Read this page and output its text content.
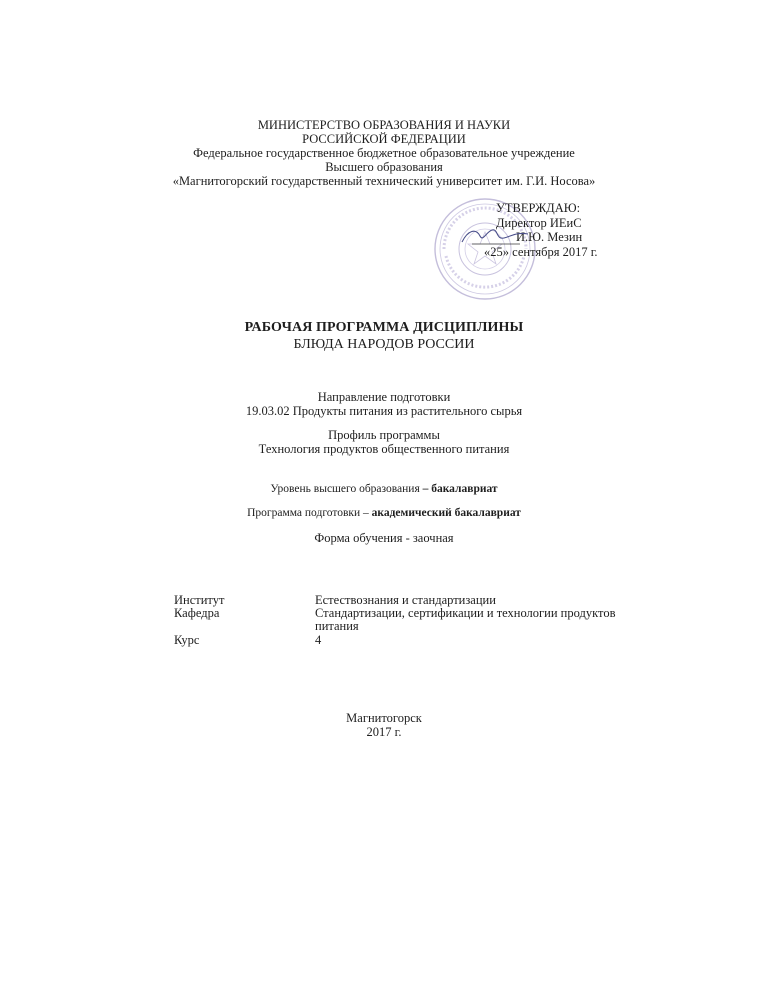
МИНИСТЕРСТВО ОБРАЗОВАНИЯ И НАУКИ
РОССИЙСКОЙ ФЕДЕРАЦИИ
Федеральное государственное бюджетное образовательное учреждение
Высшего образования
«Магнитогорский государственный технический университет им. Г.И. Носова»
УТВЕРЖДАЮ:
Директор ИЕиС
И.Ю. Мезин
«25» сентября 2017 г.
РАБОЧАЯ ПРОГРАММА ДИСЦИПЛИНЫ
БЛЮДА НАРОДОВ РОССИИ
Направление подготовки
19.03.02 Продукты питания из растительного сырья
Профиль программы
Технология продуктов общественного питания
Уровень высшего образования – бакалавриат
Программа подготовки – академический бакалавриат
Форма обучения - заочная
Институт	Естествознания и стандартизации
Кафедра	Стандартизации, сертификации и технологии продуктов
питания
Курс	4
Магнитогорск
2017 г.
